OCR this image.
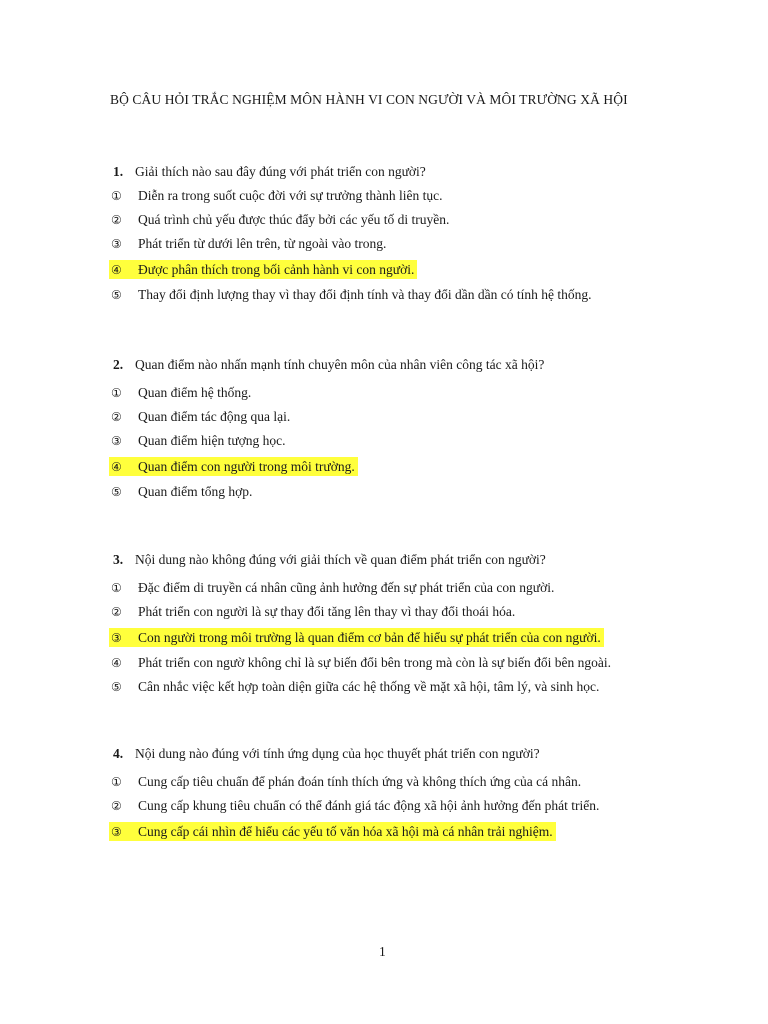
BỘ CÂU HỎI TRẮC NGHIỆM MÔN HÀNH VI CON NGƯỜI VÀ MÔI TRƯỜNG XÃ HỘI
1. Giải thích nào sau đây đúng với phát triển con người?
① Diễn ra trong suốt cuộc đời với sự trưởng thành liên tục.
② Quá trình chủ yếu được thúc đẩy bởi các yếu tố di truyền.
③ Phát triển từ dưới lên trên, từ ngoài vào trong.
④ Được phân thích trong bối cảnh hành vi con người.
⑤ Thay đổi định lượng thay vì thay đổi định tính và thay đổi dần dần có tính hệ thống.
2. Quan điểm nào nhấn mạnh tính chuyên môn của nhân viên công tác xã hội?
① Quan điểm hệ thống.
② Quan điểm tác động qua lại.
③ Quan điểm hiện tượng học.
④ Quan điểm con người trong môi trường.
⑤ Quan điểm tổng hợp.
3. Nội dung nào không đúng với giải thích về quan điểm phát triển con người?
① Đặc điểm di truyền cá nhân cũng ảnh hưởng đến sự phát triển của con người.
② Phát triển con người là sự thay đổi tăng lên thay vì thay đổi thoái hóa.
③ Con người trong môi trường là quan điểm cơ bản để hiểu sự phát triển của con người.
④ Phát triển con ngườ không chỉ là sự biến đổi bên trong mà còn là sự biến đổi bên ngoài.
⑤ Cân nhắc việc kết hợp toàn diện giữa các hệ thống về mặt xã hội, tâm lý, và sinh học.
4. Nội dung nào đúng với tính ứng dụng của học thuyết phát triển con người?
① Cung cấp tiêu chuẩn để phán đoán tính thích ứng và không thích ứng của cá nhân.
② Cung cấp khung tiêu chuẩn có thể đánh giá tác động xã hội ảnh hưởng đến phát triển.
③ Cung cấp cái nhìn để hiểu các yếu tố văn hóa xã hội mà cá nhân trải nghiệm.
1
